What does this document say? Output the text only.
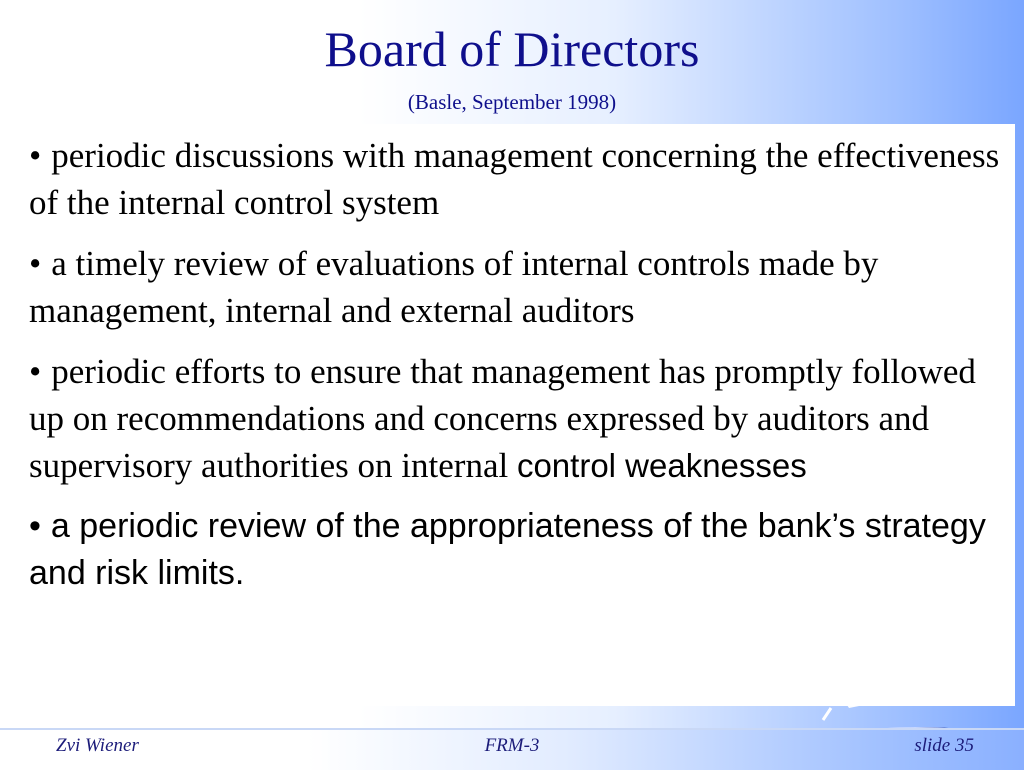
Board of Directors
(Basle, September 1998)
• periodic discussions with management concerning the effectiveness of the internal control system
• a timely review of evaluations of internal controls made by management, internal and external auditors
• periodic efforts to ensure that management has promptly followed up on recommendations and concerns expressed by auditors and supervisory authorities on internal control weaknesses
• a periodic review of the appropriateness of the bank’s strategy and risk limits.
Zvi Wiener	FRM-3	slide 35
